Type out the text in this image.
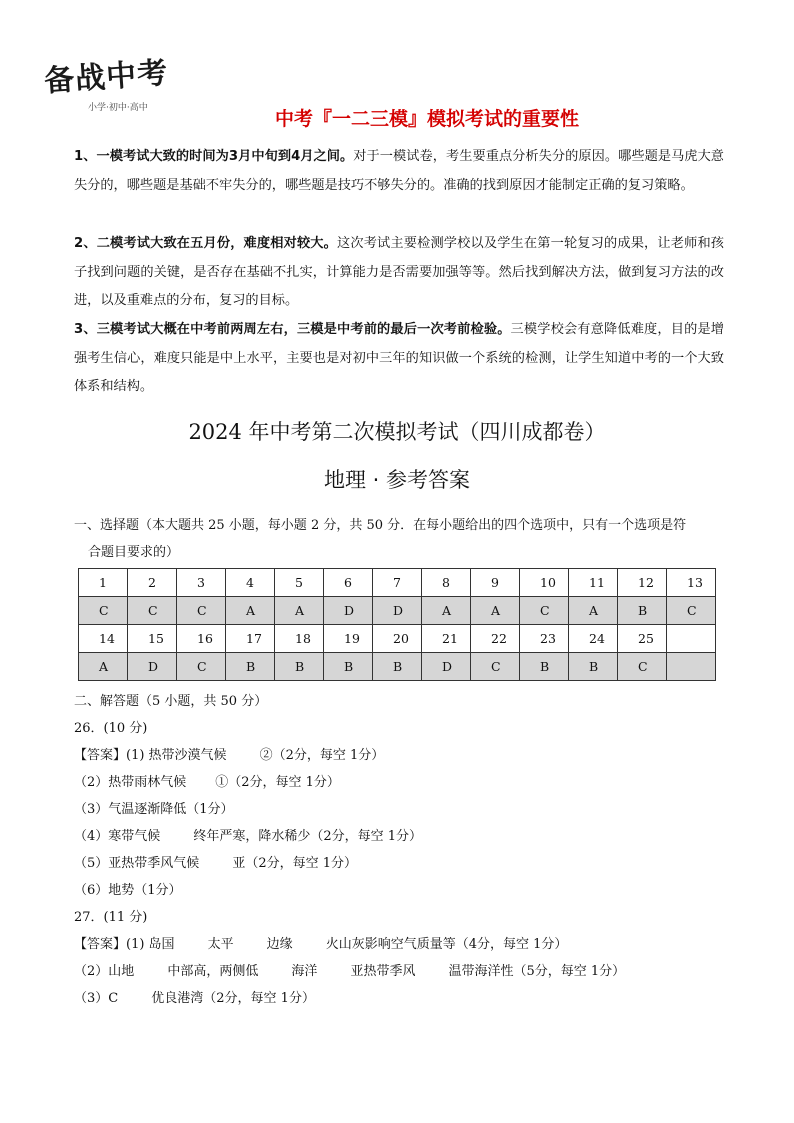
备战中考
小学·初中·高中	中考『一二三模』模拟考试的重要性

1、一模考试大致的时间为3月中旬到4月之间。对于一模试卷，考生要重点分析失分的原因。哪些题是马虎大意失分的，哪些题是基础不牢失分的，哪些题是技巧不够失分的。准确的找到原因才能制定正确的复习策略。

2、二模考试大致在五月份，难度相对较大。这次考试主要检测学校以及学生在第一轮复习的成果，让老师和孩子找到问题的关键，是否存在基础不扎实，计算能力是否需要加强等等。然后找到解决方法，做到复习方法的改进，以及重难点的分布，复习的目标。

3、三模考试大概在中考前两周左右，三模是中考前的最后一次考前检验。三模学校会有意降低难度，目的是增强考生信心，难度只能是中上水平，主要也是对初中三年的知识做一个系统的检测，让学生知道中考的一个大致体系和结构。

2024 年中考第二次模拟考试（四川成都卷）
地理 · 参考答案
一、选择题（本大题共 25 小题，每小题 2 分，共 50 分．在每小题给出的四个选项中，只有一个选项是符
合题目要求的）
1	2	3	4	5	6	7	8	9	10	11	12	13
C	C	C	A	A	D	D	A	A	C	A	B	C
14	15	16	17	18	19	20	21	22	23	24	25	
A	D	C	B	B	B	B	D	C	B	B	C	
二、解答题（5 小题，共 50 分）
26．(10 分)
【答案】(1) 热带沙漠气候        ②（2分，每空 1分）
（2）热带雨林气候       ①（2分，每空 1分）
（3）气温逐渐降低（1分）
（4）寒带气候        终年严寒，降水稀少（2分，每空 1分）
（5）亚热带季风气候        亚（2分，每空 1分）
（6）地势（1分）
27．(11 分)
【答案】(1) 岛国        太平        边缘        火山灰影响空气质量等（4分，每空 1分）
（2）山地        中部高，两侧低        海洋        亚热带季风        温带海洋性（5分，每空 1分）
（3）C        优良港湾（2分，每空 1分）
